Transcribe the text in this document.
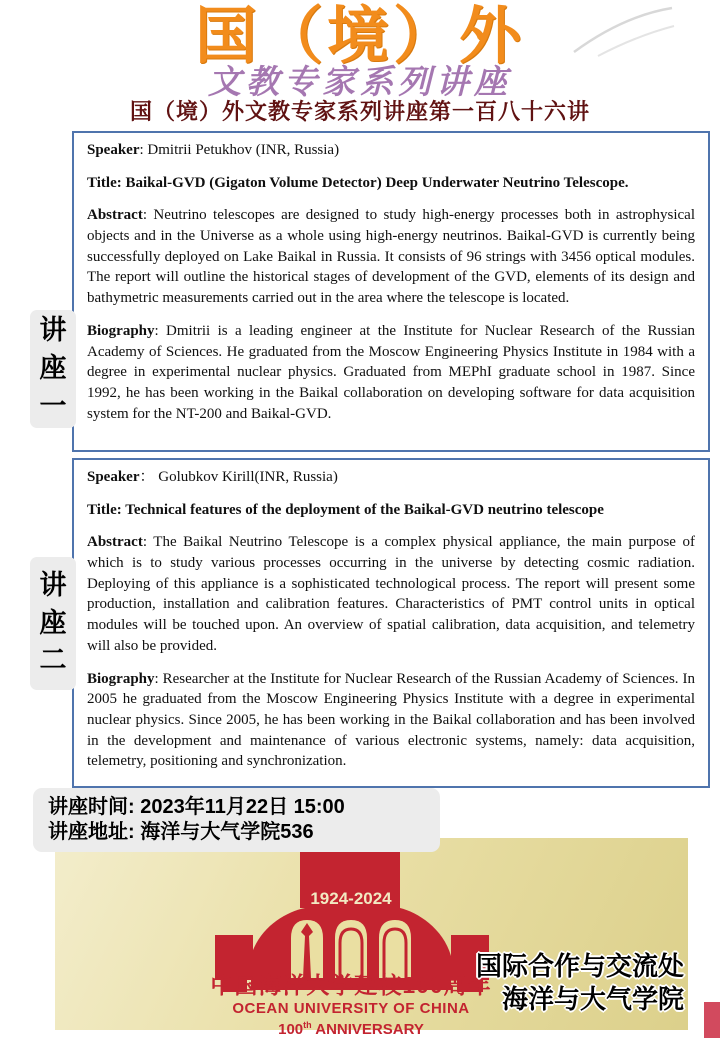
国（境）外
文教专家系列讲座
国（境）外文教专家系列讲座第一百八十六讲

Speaker: Dmitrii Petukhov (INR, Russia)

Title: Baikal-GVD (Gigaton Volume Detector) Deep Underwater Neutrino Telescope.

Abstract: Neutrino telescopes are designed to study high-energy processes both in astrophysical objects and in the Universe as a whole using high-energy neutrinos. Baikal-GVD is currently being successfully deployed on Lake Baikal in Russia. It consists of 96 strings with 3456 optical modules. The report will outline the historical stages of development of the GVD, elements of its design and bathymetric measurements carried out in the area where the telescope is located.

Biography: Dmitrii is a leading engineer at the Institute for Nuclear Research of the Russian Academy of Sciences. He graduated from the Moscow Engineering Physics Institute in 1984 with a degree in experimental nuclear physics. Graduated from MEPhI graduate school in 1987. Since 1992, he has been working in the Baikal collaboration on developing software for data acquisition system for the NT-200 and Baikal-GVD.

讲座一

Speaker： Golubkov Kirill(INR, Russia)

Title: Technical features of the deployment of the Baikal-GVD neutrino telescope

Abstract: The Baikal Neutrino Telescope is a complex physical appliance, the main purpose of which is to study various processes occurring in the universe by detecting cosmic radiation. Deploying of this appliance is a sophisticated technological process. The report will present some production, installation and calibration features. Characteristics of PMT control units in optical modules will be touched upon. An overview of spatial calibration, data acquisition, and telemetry will also be provided.

Biography: Researcher at the Institute for Nuclear Research of the Russian Academy of Sciences. In 2005 he graduated from the Moscow Engineering Physics Institute with a degree in experimental nuclear physics. Since 2005, he has been working in the Baikal collaboration and has been involved in the development and maintenance of various electronic systems, namely: data acquisition, telemetry, positioning and synchronization.

讲座二
讲座时间: 2023年11月22日 15:00
讲座地址: 海洋与大气学院536
1924-2024
中国海洋大学建校100周年
OCEAN UNIVERSITY OF CHINA
100th ANNIVERSARY
国际合作与交流处
海洋与大气学院
